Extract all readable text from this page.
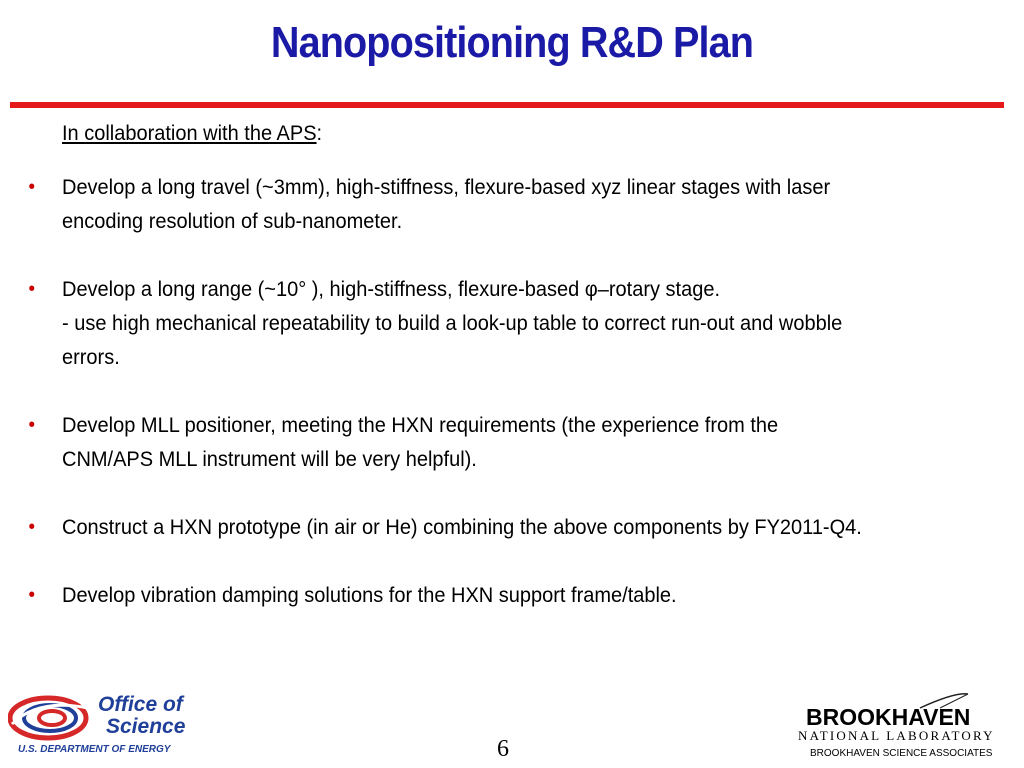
Nanopositioning R&D Plan
In collaboration with the APS:
• Develop a long travel (~3mm), high-stiffness, flexure-based xyz linear stages with laser
encoding resolution of sub-nanometer.
• Develop a long range (~10° ), high-stiffness, flexure-based φ–rotary stage.
- use high mechanical repeatability to build a look-up table to correct run-out and wobble
errors.
• Develop MLL positioner, meeting the HXN requirements (the experience from the
CNM/APS MLL instrument will be very helpful).
• Construct a HXN prototype (in air or He) combining the above components by FY2011-Q4.
• Develop vibration damping solutions for the HXN support frame/table.
Office of
Science
U.S. DEPARTMENT OF ENERGY	6
BROOKHAVEN
NATIONAL LABORATORY
BROOKHAVEN SCIENCE ASSOCIATES
